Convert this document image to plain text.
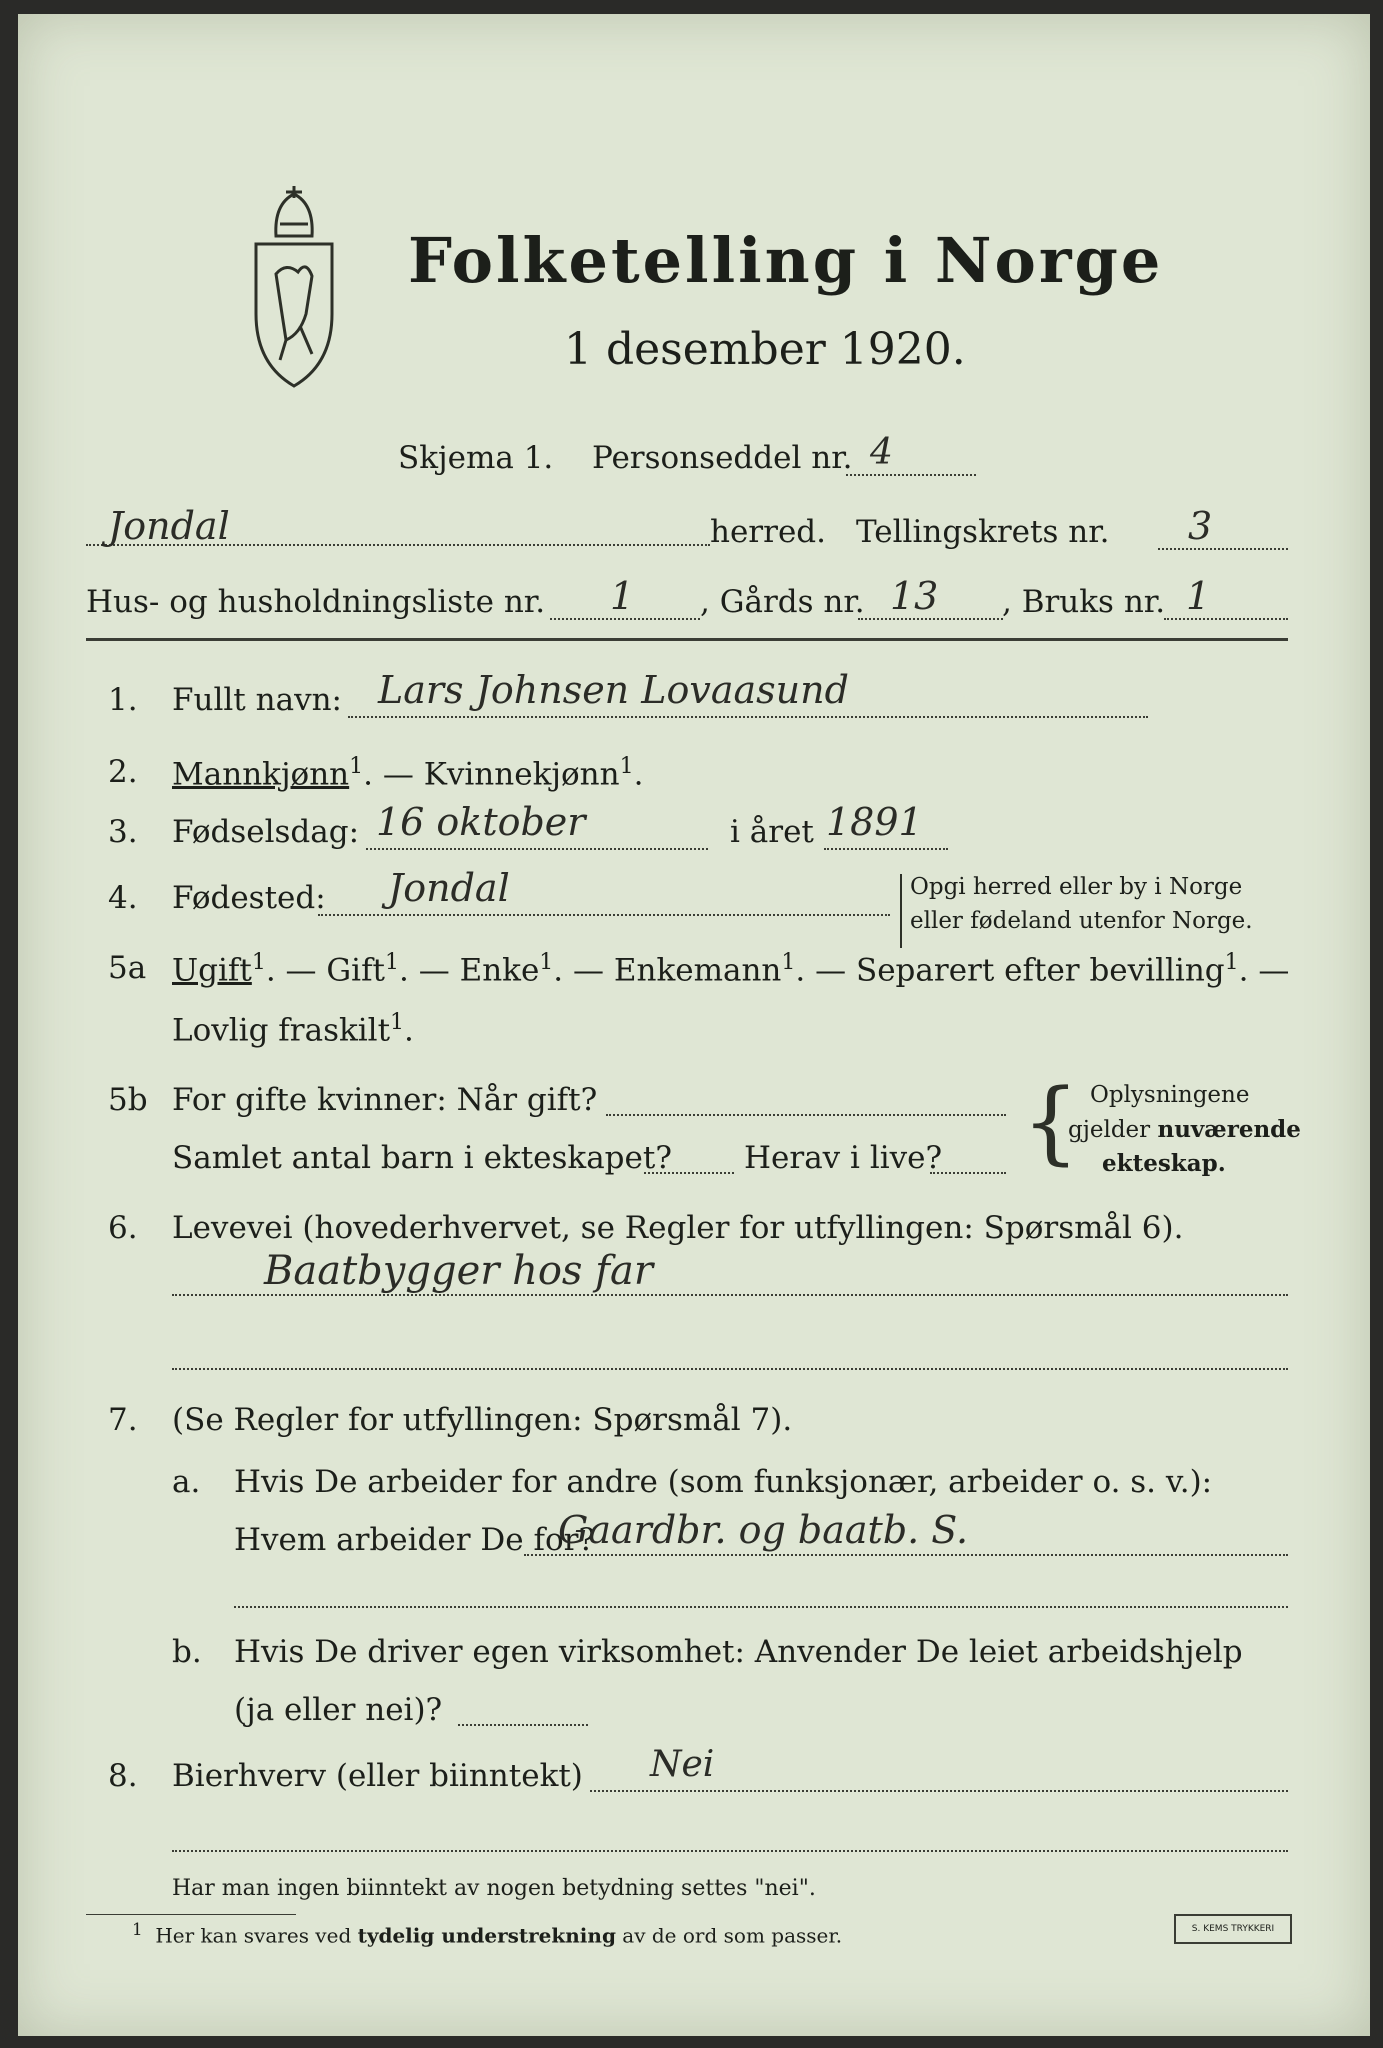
Folketelling i Norge
1 desember 1920.
Skjema 1. Personseddel nr. 4
Jondal	herred. Tellingskrets nr. 3
Hus- og husholdningsliste nr. 1 , Gårds nr. 13 , Bruks nr. 1
1. Fullt navn: Lars Johnsen Lovaasund
2. Mannkjønn$^1$. — Kvinnekjønn$^1$.
3. Fødselsdag: 16 oktober	i året 1891
4. Fødested: Jondal	Opgi herred eller by i Norge
eller fødeland utenfor Norge.
5a Ugift$^1$. — Gift$^1$. — Enke$^1$. — Enkemann$^1$. — Separert efter bevilling$^1$. —
Lovlig fraskilt$^1$.
5b For gifte kvinner: Når gift?
Samlet antal barn i ekteskapet? Herav i live? { Oplysningene
gjelder nuværende
ekteskap.
6. Levevei (hovederhvervet, se Regler for utfyllingen: Spørsmål 6).
Baatbygger hos far
7. (Se Regler for utfyllingen: Spørsmål 7).
a. Hvis De arbeider for andre (som funksjonær, arbeider o. s. v.):
Hvem arbeider De for?
Gaardbr. og baatb. S.
b. Hvis De driver egen virksomhet: Anvender De leiet arbeidshjelp
(ja eller nei)?
8. Bierhverv (eller biinntekt) Nei
Har man ingen biinntekt av nogen betydning settes "nei".
$^1$ Her kan svares ved tydelig understrekning av de ord som passer.	S. KEMS TRYKKERI
